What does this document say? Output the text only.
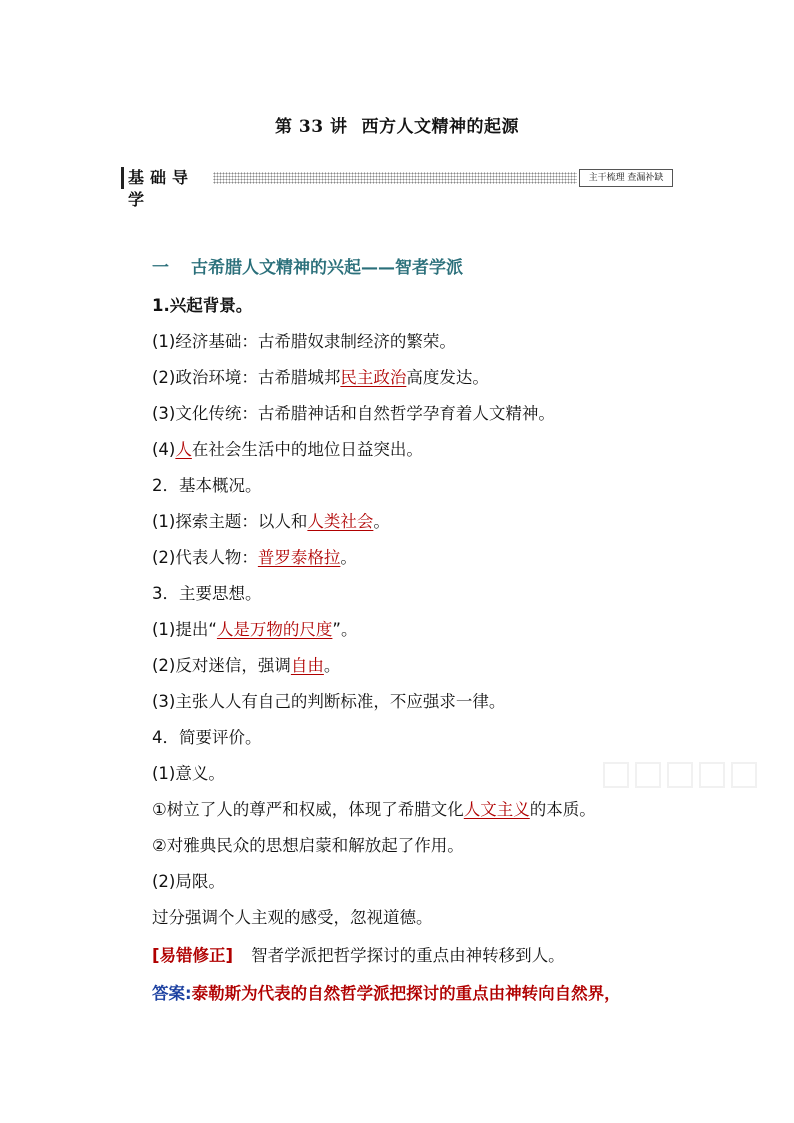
第 33 讲 西方人文精神的起源
基础导学
主干梳理 查漏补缺
一 古希腊人文精神的兴起——智者学派
1.兴起背景。
(1)经济基础：古希腊奴隶制经济的繁荣。
(2)政治环境：古希腊城邦民主政治高度发达。
(3)文化传统：古希腊神话和自然哲学孕育着人文精神。
(4)人在社会生活中的地位日益突出。
2．基本概况。
(1)探索主题：以人和人类社会。
(2)代表人物：普罗泰格拉。
3．主要思想。
(1)提出“人是万物的尺度”。
(2)反对迷信，强调自由。
(3)主张人人有自己的判断标准，不应强求一律。
4．简要评价。
(1)意义。
①树立了人的尊严和权威，体现了希腊文化人文主义的本质。
②对雅典民众的思想启蒙和解放起了作用。
(2)局限。
过分强调个人主观的感受，忽视道德。
[易错修正] 智者学派把哲学探讨的重点由神转移到人。
答案:泰勒斯为代表的自然哲学派把探讨的重点由神转向自然界，
